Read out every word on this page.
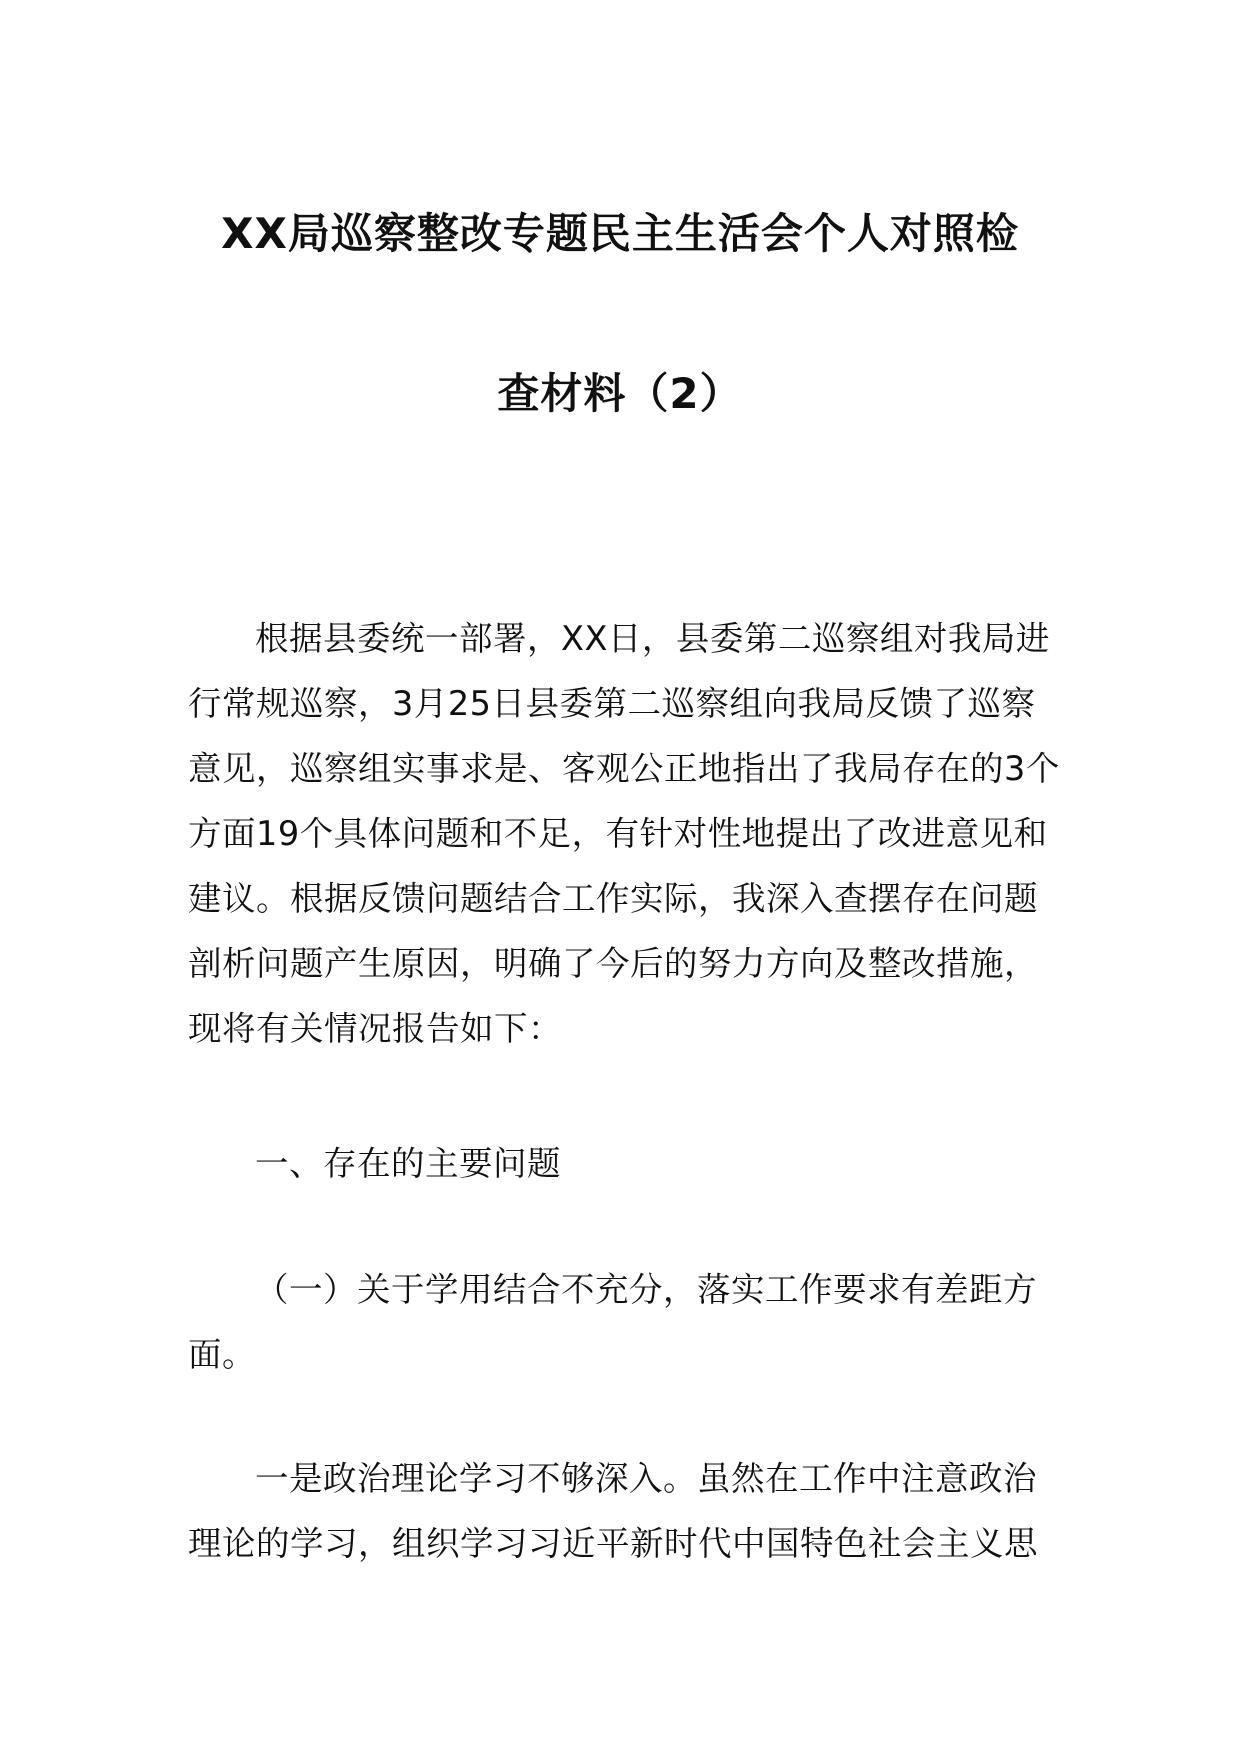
XX局巡察整改专题民主生活会个人对照检
查材料（2）
根据县委统一部署，XX日，县委第二巡察组对我局进
行常规巡察，3月25日县委第二巡察组向我局反馈了巡察
意见，巡察组实事求是、客观公正地指出了我局存在的3个
方面19个具体问题和不足，有针对性地提出了改进意见和
建议。根据反馈问题结合工作实际，我深入查摆存在问题
剖析问题产生原因，明确了今后的努力方向及整改措施，
现将有关情况报告如下：
一、存在的主要问题
（一）关于学用结合不充分，落实工作要求有差距方
面。
一是政治理论学习不够深入。虽然在工作中注意政治
理论的学习，组织学习习近平新时代中国特色社会主义思
